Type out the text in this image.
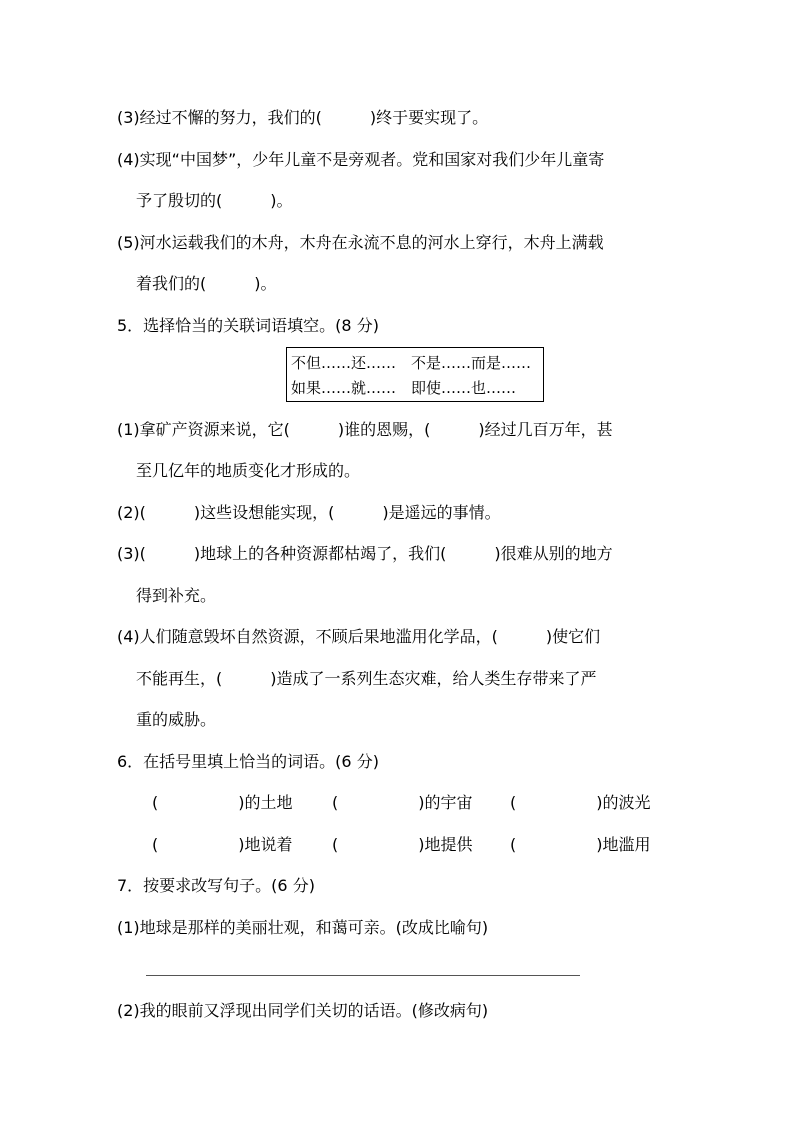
(3)经过不懈的努力，我们的(　　　)终于要实现了。
(4)实现“中国梦”，少年儿童不是旁观者。党和国家对我们少年儿童寄
予了殷切的(　　　)。
(5)河水运载我们的木舟，木舟在永流不息的河水上穿行，木舟上满载
着我们的(　　　)。
5．选择恰当的关联词语填空。(8 分)
不但……还……　不是……而是……
如果……就……　即使……也……
(1)拿矿产资源来说，它(　　　)谁的恩赐，(　　　)经过几百万年，甚
至几亿年的地质变化才形成的。
(2)(　　　)这些设想能实现，(　　　)是遥远的事情。
(3)(　　　)地球上的各种资源都枯竭了，我们(　　　)很难从别的地方
得到补充。
(4)人们随意毁坏自然资源，不顾后果地滥用化学品，(　　　)使它们
不能再生，(　　　)造成了一系列生态灾难，给人类生存带来了严
重的威胁。
6．在括号里填上恰当的词语。(6 分)
(　　　　　)的土地 (　　　　　)的宇宙 (　　　　　)的波光
(　　　　　)地说着 (　　　　　)地提供 (　　　　　)地滥用
7．按要求改写句子。(6 分)
(1)地球是那样的美丽壮观，和蔼可亲。(改成比喻句)
(2)我的眼前又浮现出同学们关切的话语。(修改病句)
